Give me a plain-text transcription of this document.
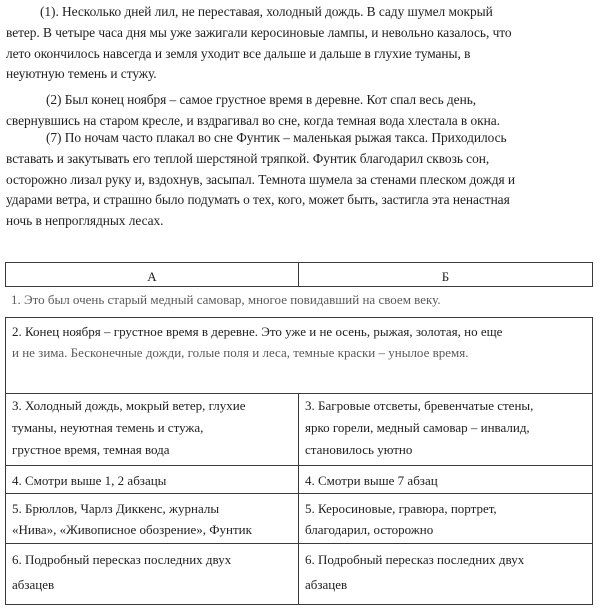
(1). Несколько дней лил, не переставая, холодный дождь. В саду шумел мокрый

ветер. В четыре часа дня мы уже зажигали керосиновые лампы, и невольно казалось, что

лето окончилось навсегда и земля уходит все дальше и дальше в глухие туманы, в

неуютную темень и стужу.

(2) Был конец ноября – самое грустное время в деревне. Кот спал весь день,

свернувшись на старом кресле, и вздрагивал во сне, когда темная вода хлестала в окна.

(7) По ночам часто плакал во сне Фунтик – маленькая рыжая такса. Приходилось

вставать и закутывать его теплой шерстяной тряпкой. Фунтик благодарил сквозь сон,

осторожно лизал руку и, вздохнув, засыпал. Темнота шумела за стенами плеском дождя и

ударами ветра, и страшно было подумать о тех, кого, может быть, застигла эта ненастная

ночь в непроглядных лесах.

А	Б
1. Это был очень старый медный самовар, многое повидавший на своем веку.
2. Конец ноября – грустное время в деревне. Это уже и не осень, рыжая, золотая, но еще
и не зима. Бесконечные дожди, голые поля и леса, темные краски – унылое время.
3. Холодный дождь, мокрый ветер, глухие
туманы, неуютная темень и стужа,
грустное время, темная вода
3. Багровые отсветы, бревенчатые стены,
ярко горели, медный самовар – инвалид,
становилось уютно
4. Смотри выше 1, 2 абзацы	4. Смотри выше 7 абзац
5. Брюллов, Чарлз Диккенс, журналы
«Нива», «Живописное обозрение», Фунтик
5. Керосиновые, гравюра, портрет,
благодарил, осторожно
6. Подробный пересказ последних двух
абзацев
6. Подробный пересказ последних двух
абзацев
